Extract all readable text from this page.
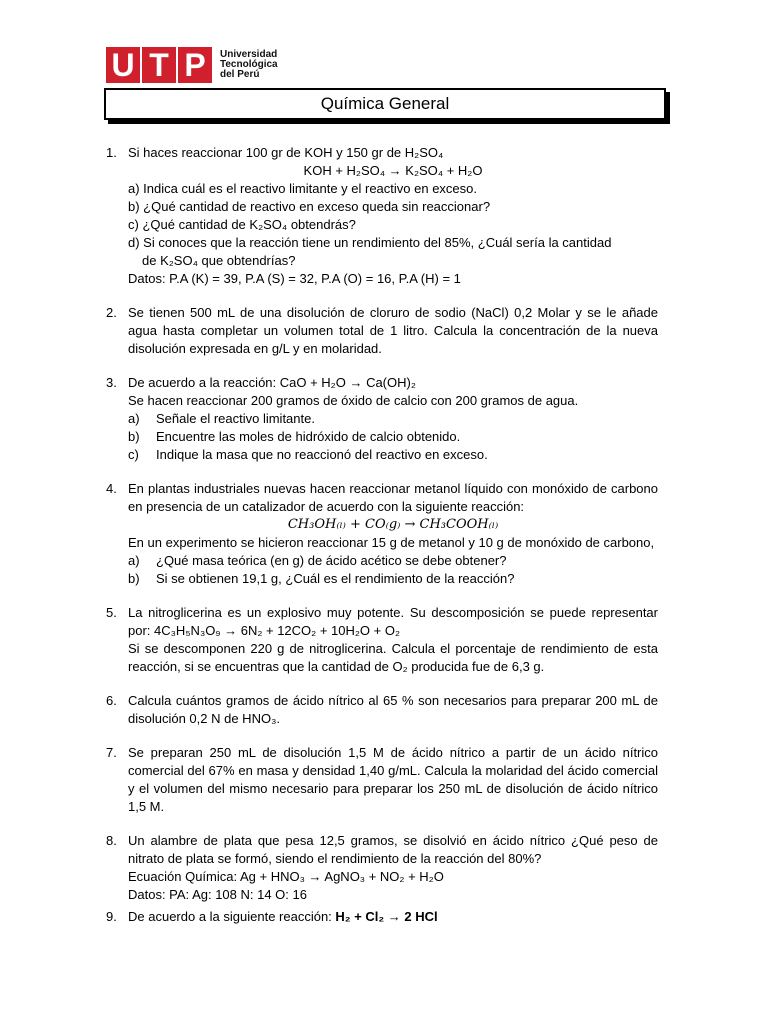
U T P	Universidad
Tecnológica
del Perú
Química General
1. Si haces reaccionar 100 gr de KOH y 150 gr de H₂SO₄

KOH + H₂SO₄ → K₂SO₄ + H₂O

a) Indica cuál es el reactivo limitante y el reactivo en exceso.

b) ¿Qué cantidad de reactivo en exceso queda sin reaccionar?

c) ¿Qué cantidad de K₂SO₄ obtendrás?

d) Si conoces que la reacción tiene un rendimiento del 85%, ¿Cuál sería la cantidad

de K₂SO₄ que obtendrías?

Datos: P.A (K) = 39, P.A (S) = 32, P.A (O) = 16, P.A (H) = 1

2. Se tienen 500 mL de una disolución de cloruro de sodio (NaCl) 0,2 Molar y se le añade agua hasta completar un volumen total de 1 litro. Calcula la concentración de la nueva disolución expresada en g/L y en molaridad.

3. De acuerdo a la reacción: CaO + H₂O → Ca(OH)₂

Se hacen reaccionar 200 gramos de óxido de calcio con 200 gramos de agua.

a)	Señale el reactivo limitante.
b)	Encuentre las moles de hidróxido de calcio obtenido.
c)	Indique la masa que no reaccionó del reactivo en exceso.
4. En plantas industriales nuevas hacen reaccionar metanol líquido con monóxido de carbono en presencia de un catalizador de acuerdo con la siguiente reacción:

CH₃OH₍ₗ₎ + CO₍g₎ → CH₃COOH₍ₗ₎

En un experimento se hicieron reaccionar 15 g de metanol y 10 g de monóxido de carbono,

a)	¿Qué masa teórica (en g) de ácido acético se debe obtener?
b)	Si se obtienen 19,1 g, ¿Cuál es el rendimiento de la reacción?
5. La nitroglicerina es un explosivo muy potente. Su descomposición se puede representar por: 4C₃H₅N₃O₉ → 6N₂ + 12CO₂ + 10H₂O + O₂

Si se descomponen 220 g de nitroglicerina. Calcula el porcentaje de rendimiento de esta reacción, si se encuentras que la cantidad de O₂ producida fue de 6,3 g.

6. Calcula cuántos gramos de ácido nítrico al 65 % son necesarios para preparar 200 mL de disolución 0,2 N de HNO₃.

7. Se preparan 250 mL de disolución 1,5 M de ácido nítrico a partir de un ácido nítrico comercial del 67% en masa y densidad 1,40 g/mL. Calcula la molaridad del ácido comercial y el volumen del mismo necesario para preparar los 250 mL de disolución de ácido nítrico 1,5 M.

8. Un alambre de plata que pesa 12,5 gramos, se disolvió en ácido nítrico ¿Qué peso de nitrato de plata se formó, siendo el rendimiento de la reacción del 80%?

Ecuación Química: Ag + HNO₃ → AgNO₃ + NO₂ + H₂O

Datos: PA: Ag: 108 N: 14 O: 16

9. De acuerdo a la siguiente reacción: H₂ + Cl₂ → 2 HCl
